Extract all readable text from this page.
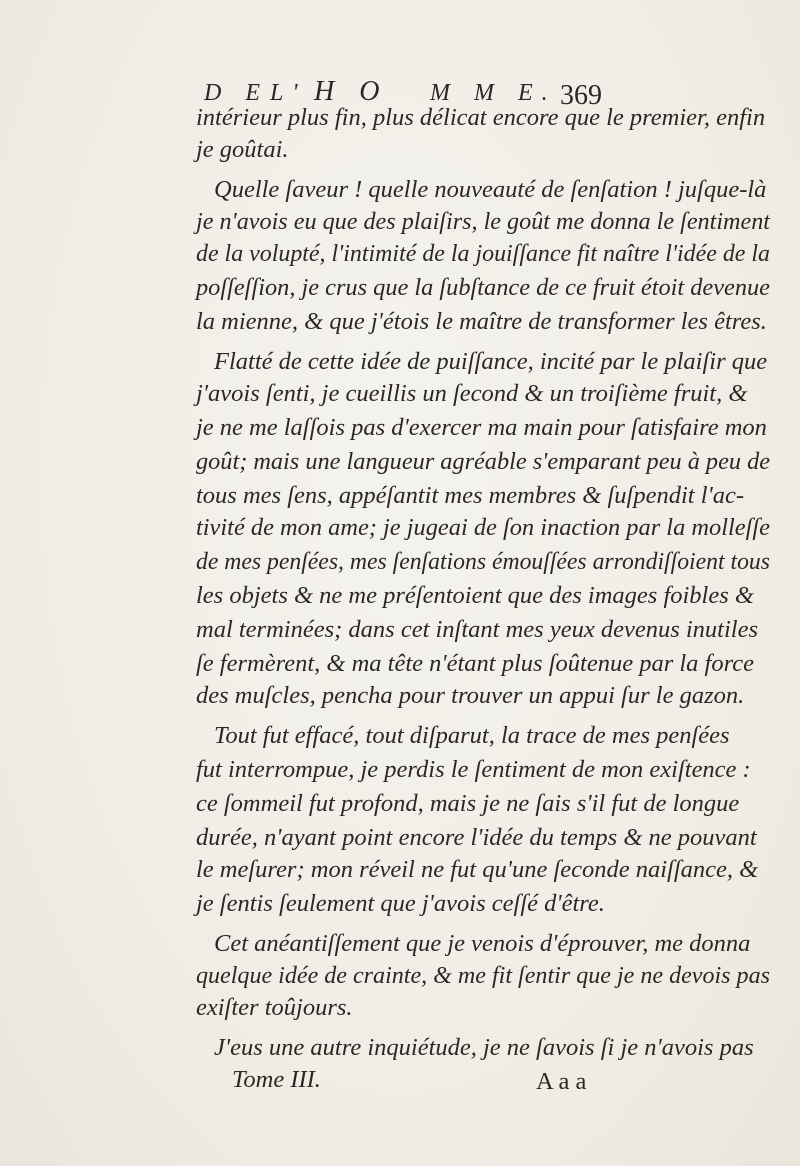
D E L' H O M M E. 369
intérieur plus fin, plus délicat encore que le premier, enfin
je goûtai.
Quelle ſaveur ! quelle nouveauté de ſenſation ! juſque-là
je n'avois eu que des plaiſirs, le goût me donna le ſentiment
de la volupté, l'intimité de la jouiſſance fit naître l'idée de la
poſſeſſion, je crus que la ſubſtance de ce fruit étoit devenue
la mienne, & que j'étois le maître de transformer les êtres.
Flatté de cette idée de puiſſance, incité par le plaiſir que
j'avois ſenti, je cueillis un ſecond & un troiſième fruit, &
je ne me laſſois pas d'exercer ma main pour ſatisfaire mon
goût; mais une langueur agréable s'emparant peu à peu de
tous mes ſens, appéſantit mes membres & ſuſpendit l'ac-
tivité de mon ame; je jugeai de ſon inaction par la molleſſe
de mes penſées, mes ſenſations émouſſées arrondiſſoient tous
les objets & ne me préſentoient que des images foibles &
mal terminées; dans cet inſtant mes yeux devenus inutiles
ſe fermèrent, & ma tête n'étant plus ſoûtenue par la force
des muſcles, pencha pour trouver un appui ſur le gazon.
Tout fut effacé, tout diſparut, la trace de mes penſées
fut interrompue, je perdis le ſentiment de mon exiſtence :
ce ſommeil fut profond, mais je ne ſais s'il fut de longue
durée, n'ayant point encore l'idée du temps & ne pouvant
le meſurer; mon réveil ne fut qu'une ſeconde naiſſance, &
je ſentis ſeulement que j'avois ceſſé d'être.
Cet anéantiſſement que je venois d'éprouver, me donna
quelque idée de crainte, & me fit ſentir que je ne devois pas
exiſter toûjours.
J'eus une autre inquiétude, je ne ſavois ſi je n'avois pas
Tome III.	A a a
